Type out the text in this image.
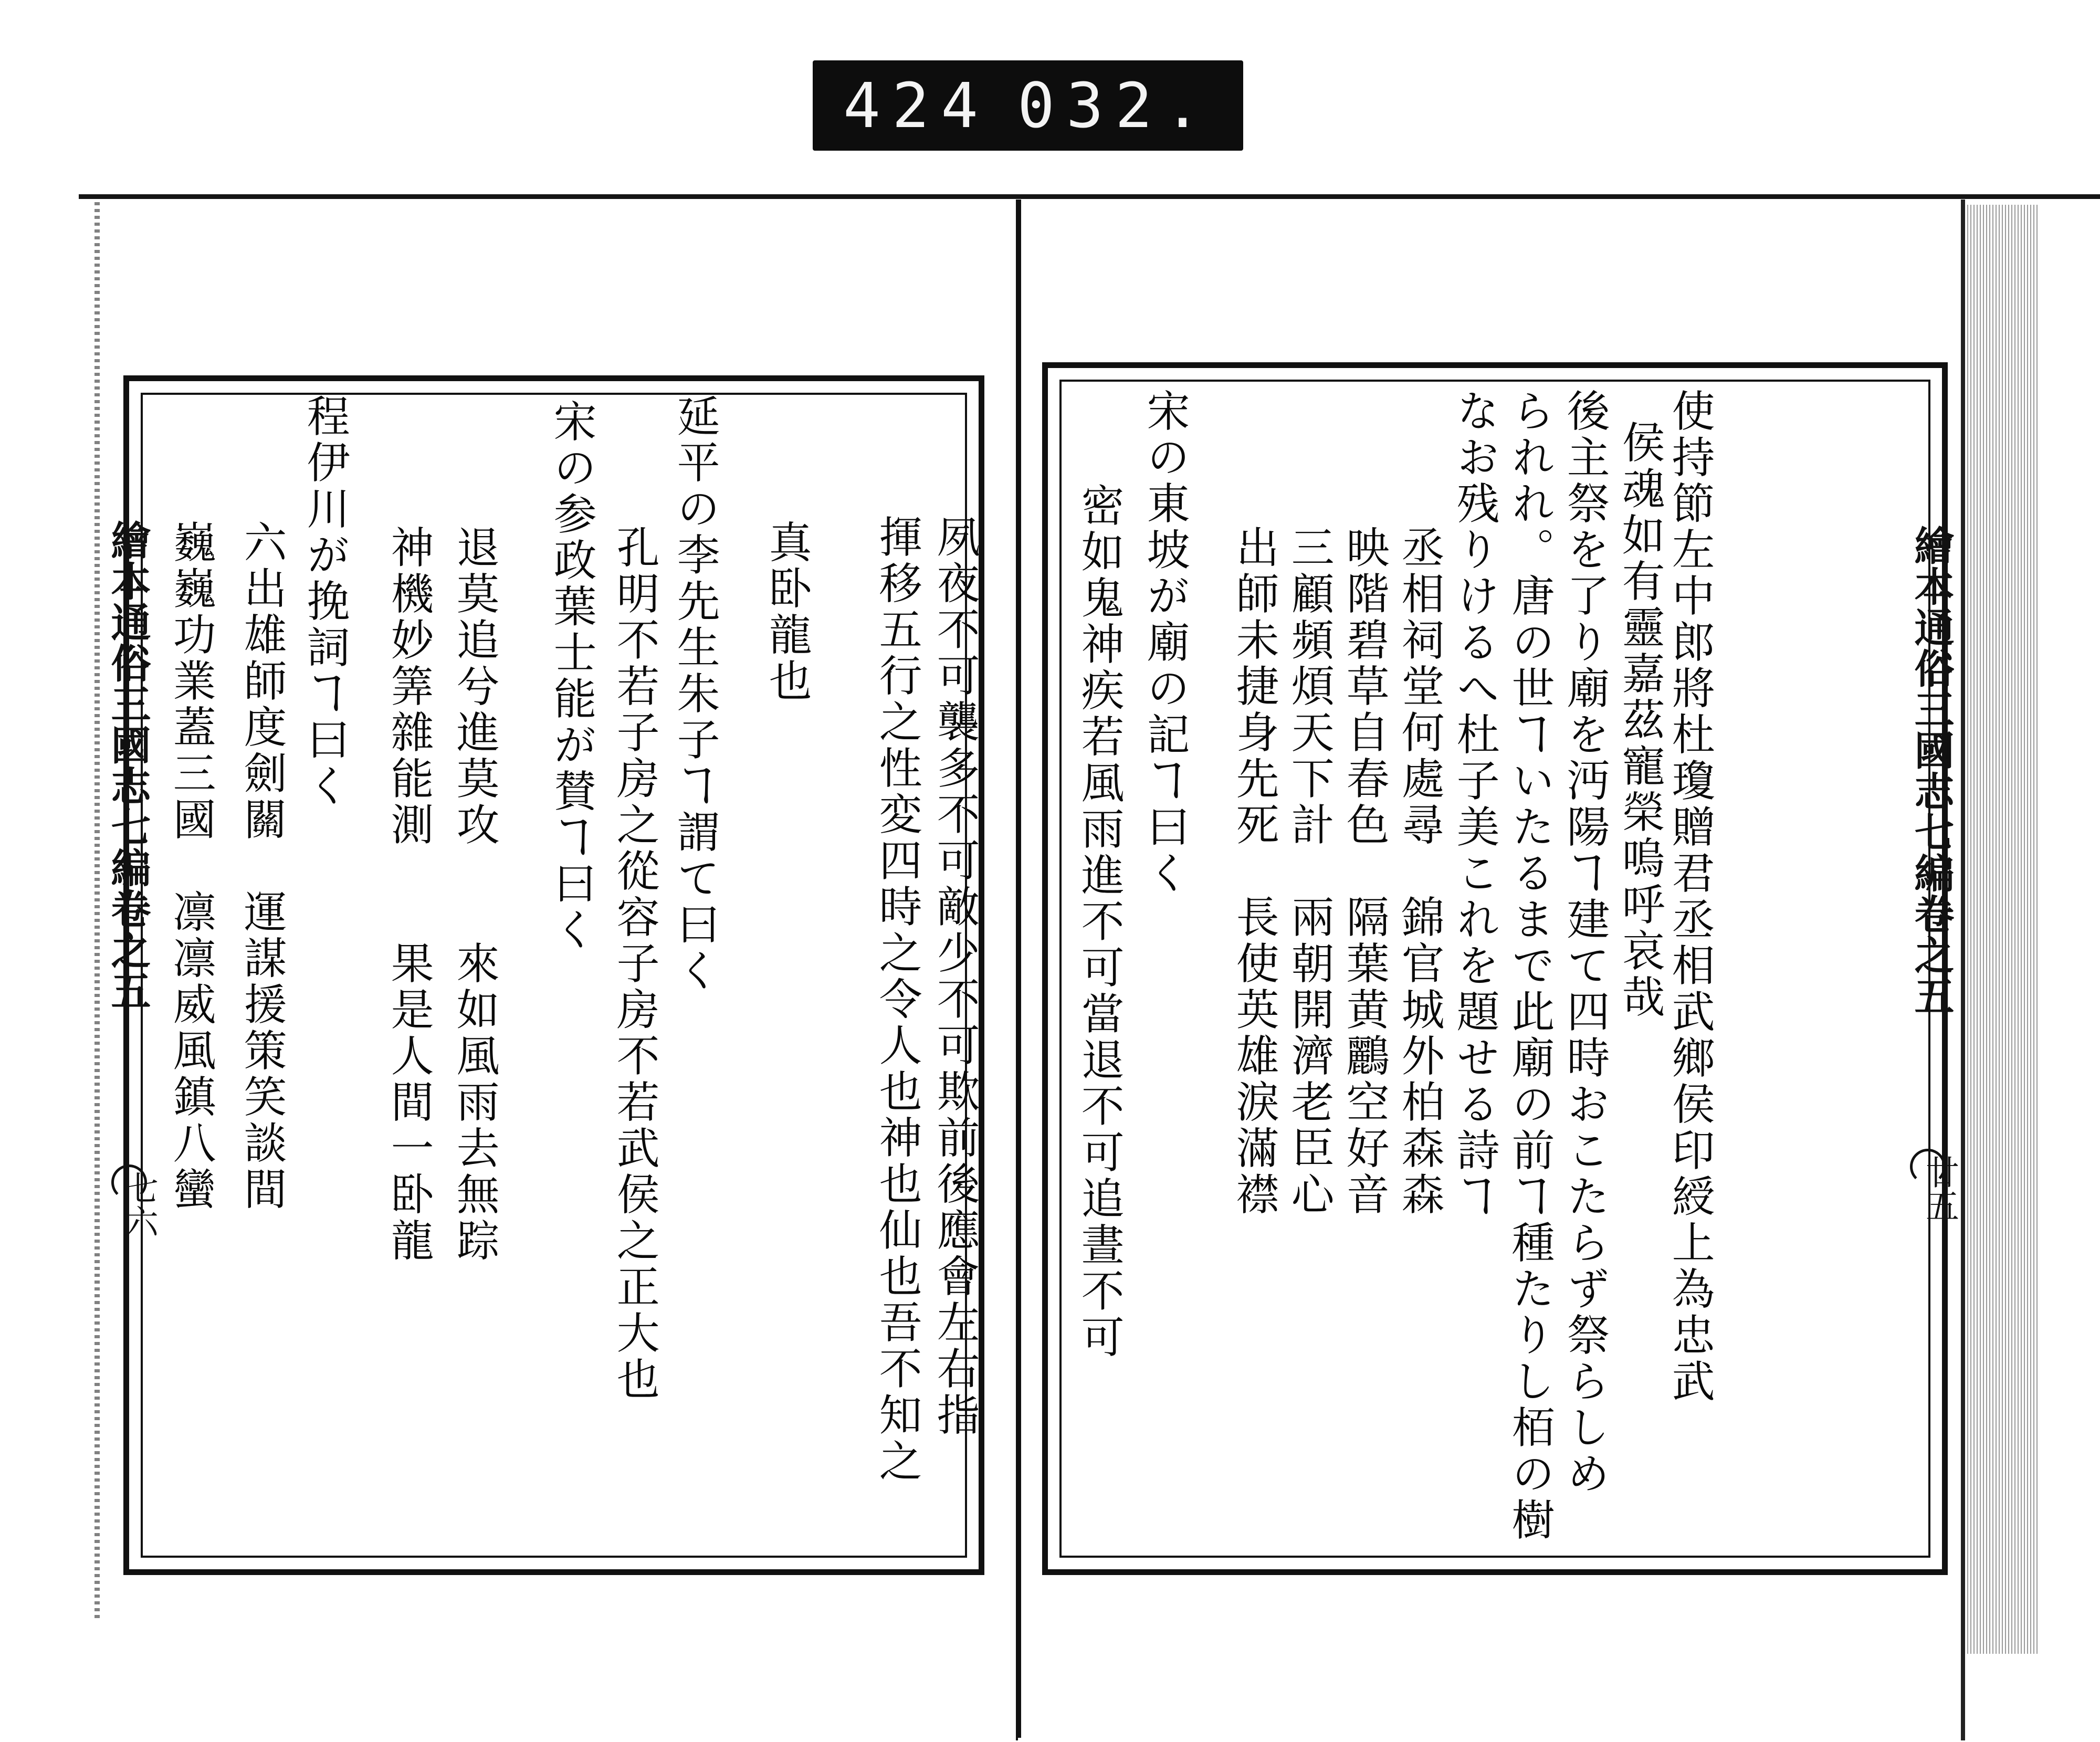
424 032.
繪本通俗三國志七編卷之五
七六
繪本通俗三國志七編卷之五
廿五
使持節左中郎將杜瓊贈君丞相武鄉侯印綬上為忠武
侯魂如有靈嘉茲寵榮嗚呼哀哉
後主祭を了り廟を沔陽ヿ建て四時おこたらず祭らしめ
られれ。唐の世ヿいたるまで此廟の前ヿ種たりし栢の樹
なお残りけるへ杜子美これを題せる詩ヿ
丞相祠堂何處尋　錦官城外柏森森
映階碧草自春色　隔葉黄鸝空好音
三顧頻煩天下計　兩朝開濟老臣心
出師未捷身先死　長使英雄淚滿襟
宋の東坡が廟の記ヿ曰く
密如鬼神疾若風雨進不可當退不可追晝不可
夙夜不可襲多不可敵少不可欺前後應會左右指
揮移五行之性変四時之令人也神也仙也吾不知之
真卧龍也
延平の李先生朱子ヿ謂て曰く
孔明不若子房之從容子房不若武侯之正大也
宋の参政葉士能が賛ヿ曰く
神機妙筭雜能測　　果是人間一卧龍 退莫追兮進莫攻　　來如風雨去無踪
程伊川が挽詞ヿ曰く
六出雄師度劍關　運謀援策笑談間
巍巍功業蓋三國　凛凛威風鎮八蠻
